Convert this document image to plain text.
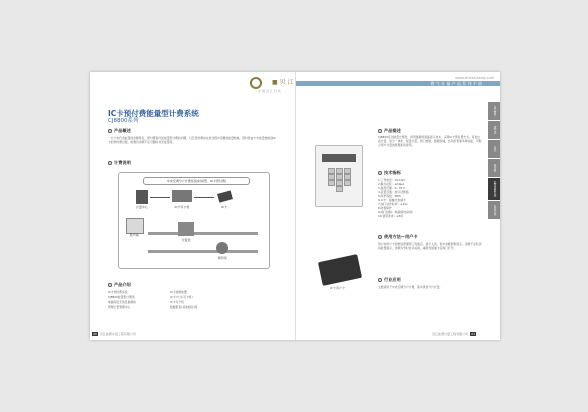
■ 贝 江
中 国 贝 江 科 技
www.zhicaicheng.com
燃 气 计 量 产 品 系 列 手 册
IC卡预付费能量型计费系统
CJ8800系列
产品概述
一片卡存代表能量的余额特征，预付费直付是能量型计费的问题，以及预付费时在此过程中需要的能量转换。预付款由卡中能量转换到IC卡的预付费过程，如遇有余额不足可随时补充能量等。
计费说明
中央空调分户计费系统(时间型、IC卡预付费)
计量中心	IC卡写卡机	IC卡
用户端
计量表
调节阀
产品介绍
IC卡预付费系统	IC卡控制装置
CJ8800能量型计费表	IC卡(卡片/写卡机)
电磁阀及无线发射模块	IC卡写卡机
管理计量管理中心	数据报表(其他相关)等
20 贝江能源计量工程有限公司
IC卡用户卡
产品描述
CJ8800系列能量计费表，使用最新的液晶显示技术，采用IC卡预付费方式。有独立的计量，显示一体化，能量计量，阀门控制，数据存储，自动抄表等多种功能，可配合用户计量的管理系统使用。
技术指标
1.工作电压：DC3.6V
2.静态功耗：≤10μA
3.温度范围：0~70℃
4.流量范围：按口径规格
5.防护等级：IP65
6.IC卡：接触式存储卡
7.阀门动作时间：≤15s
8.防拆保护
9.阀门控制：电磁阀/电动阀
10.使用寿命：≥8年
使用方法—用户卡
用户持用户卡到物业管理部门充值后，插卡入表，表中余额即刻显示。余额不足时表具报警提示，余额为零时自动关阀，重新充值插卡后阀门打开。
行业应用
主要适用于中央空调分户计费，集中供热分户计量。
贝江简介
燃气表
水表
热量表
能量计费系统
系统方案
贝江能源计量工程有限公司 21
